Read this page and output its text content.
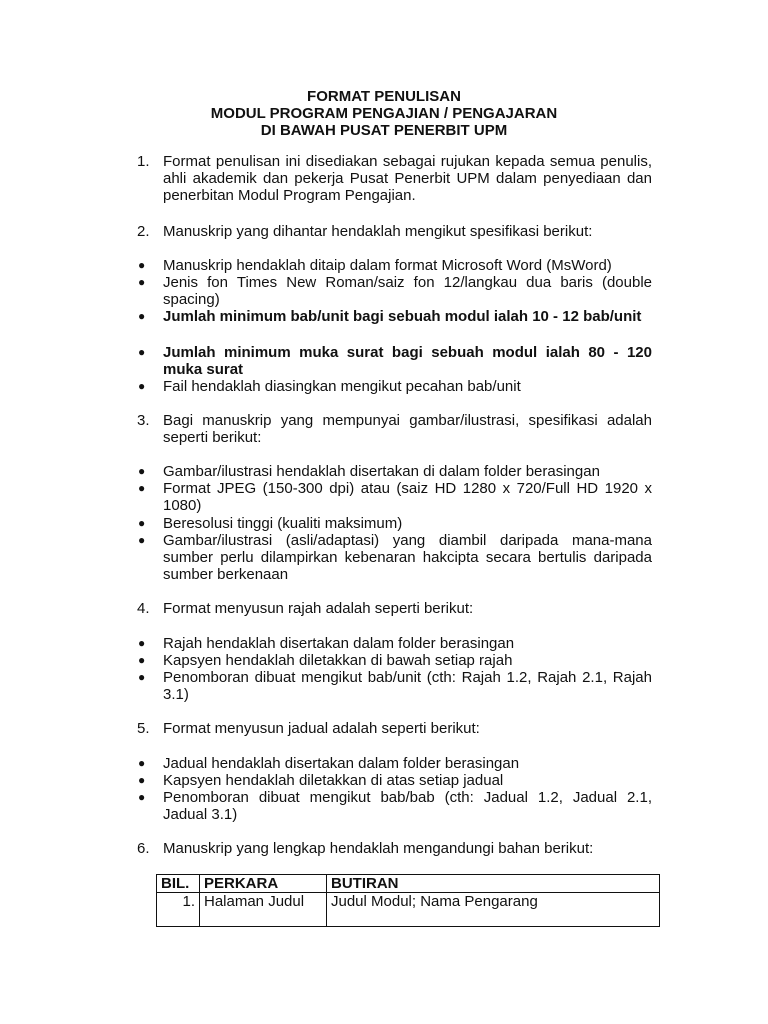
FORMAT PENULISAN
MODUL PROGRAM PENGAJIAN / PENGAJARAN
DI BAWAH PUSAT PENERBIT UPM
1. Format penulisan ini disediakan sebagai rujukan kepada semua penulis, ahli akademik dan pekerja Pusat Penerbit UPM dalam penyediaan dan penerbitan Modul Program Pengajian.
2. Manuskrip yang dihantar hendaklah mengikut spesifikasi berikut:
● Manuskrip hendaklah ditaip dalam format Microsoft Word (MsWord)
● Jenis fon Times New Roman/saiz fon 12/langkau dua baris (double spacing)
● Jumlah minimum bab/unit bagi sebuah modul ialah 10 - 12 bab/unit
● Jumlah minimum muka surat bagi sebuah modul ialah 80 - 120 muka surat
● Fail hendaklah diasingkan mengikut pecahan bab/unit
3. Bagi manuskrip yang mempunyai gambar/ilustrasi, spesifikasi adalah seperti berikut:
● Gambar/ilustrasi hendaklah disertakan di dalam folder berasingan
● Format JPEG (150-300 dpi) atau (saiz HD 1280 x 720/Full HD 1920 x 1080)
● Beresolusi tinggi (kualiti maksimum)
● Gambar/ilustrasi (asli/adaptasi) yang diambil daripada mana-mana sumber perlu dilampirkan kebenaran hakcipta secara bertulis daripada sumber berkenaan
4. Format menyusun rajah adalah seperti berikut:
● Rajah hendaklah disertakan dalam folder berasingan
● Kapsyen hendaklah diletakkan di bawah setiap rajah
● Penomboran dibuat mengikut bab/unit (cth: Rajah 1.2, Rajah 2.1, Rajah 3.1)
5. Format menyusun jadual adalah seperti berikut:
● Jadual hendaklah disertakan dalam folder berasingan
● Kapsyen hendaklah diletakkan di atas setiap jadual
● Penomboran dibuat mengikut bab/bab (cth: Jadual 1.2, Jadual 2.1, Jadual 3.1)
6. Manuskrip yang lengkap hendaklah mengandungi bahan berikut:
BIL.	PERKARA	BUTIRAN
1.	Halaman Judul	Judul Modul; Nama Pengarang
